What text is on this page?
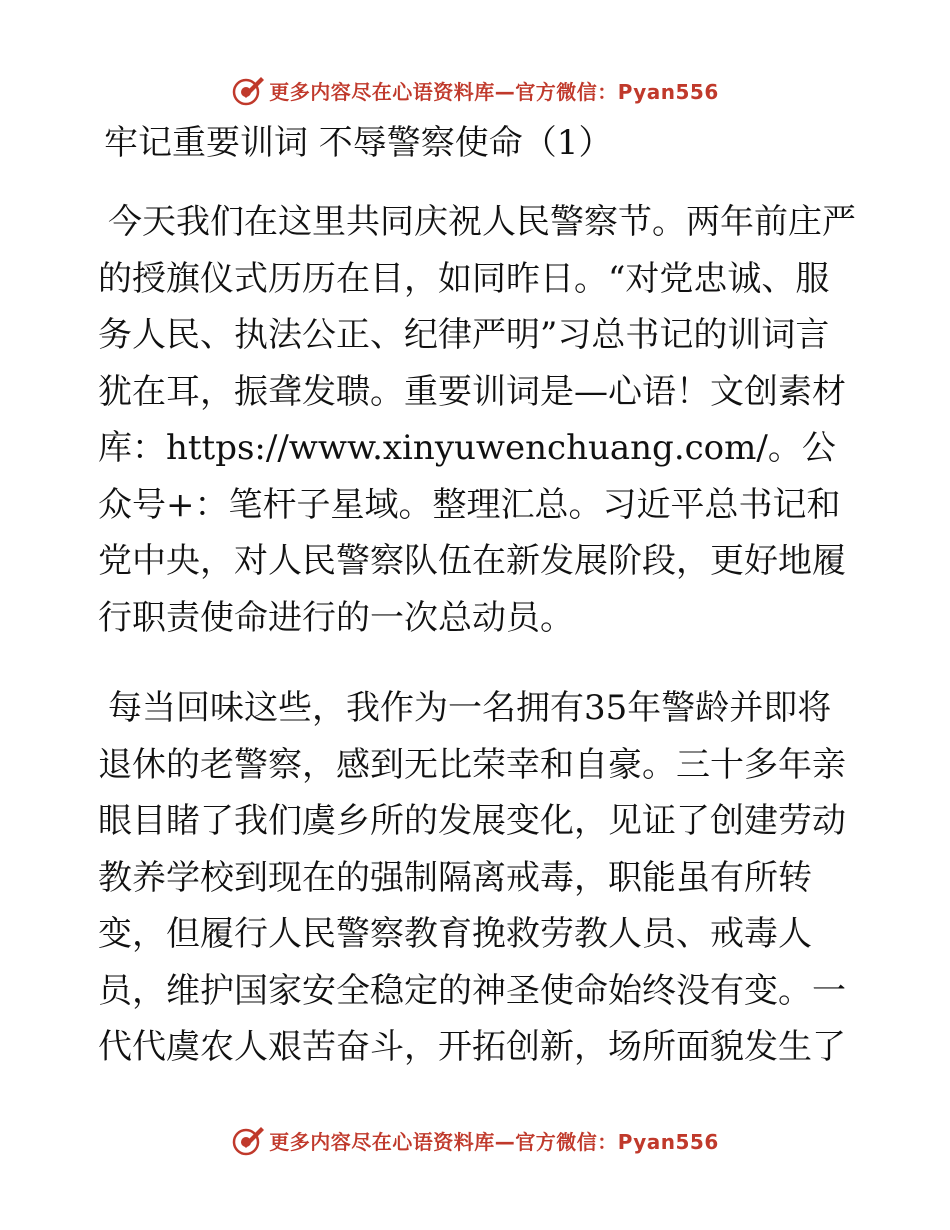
更多内容尽在心语资料库—官方微信：Pyan556
牢记重要训词 不辱警察使命（1）

今天我们在这里共同庆祝人民警察节。两年前庄严的授旗仪式历历在目，如同昨日。“对党忠诚、服务人民、执法公正、纪律严明”习总书记的训词言犹在耳，振聋发聩。重要训词是—心语！文创素材库：https://www.xinyuwenchuang.com/。公众号+：笔杆子星域。整理汇总。习近平总书记和党中央，对人民警察队伍在新发展阶段，更好地履行职责使命进行的一次总动员。

每当回味这些，我作为一名拥有35年警龄并即将退休的老警察，感到无比荣幸和自豪。三十多年亲眼目睹了我们虞乡所的发展变化，见证了创建劳动教养学校到现在的强制隔离戒毒，职能虽有所转变，但履行人民警察教育挽救劳教人员、戒毒人员，维护国家安全稳定的神圣使命始终没有变。一代代虞农人艰苦奋斗，开拓创新，场所面貌发生了

更多内容尽在心语资料库—官方微信：Pyan556
